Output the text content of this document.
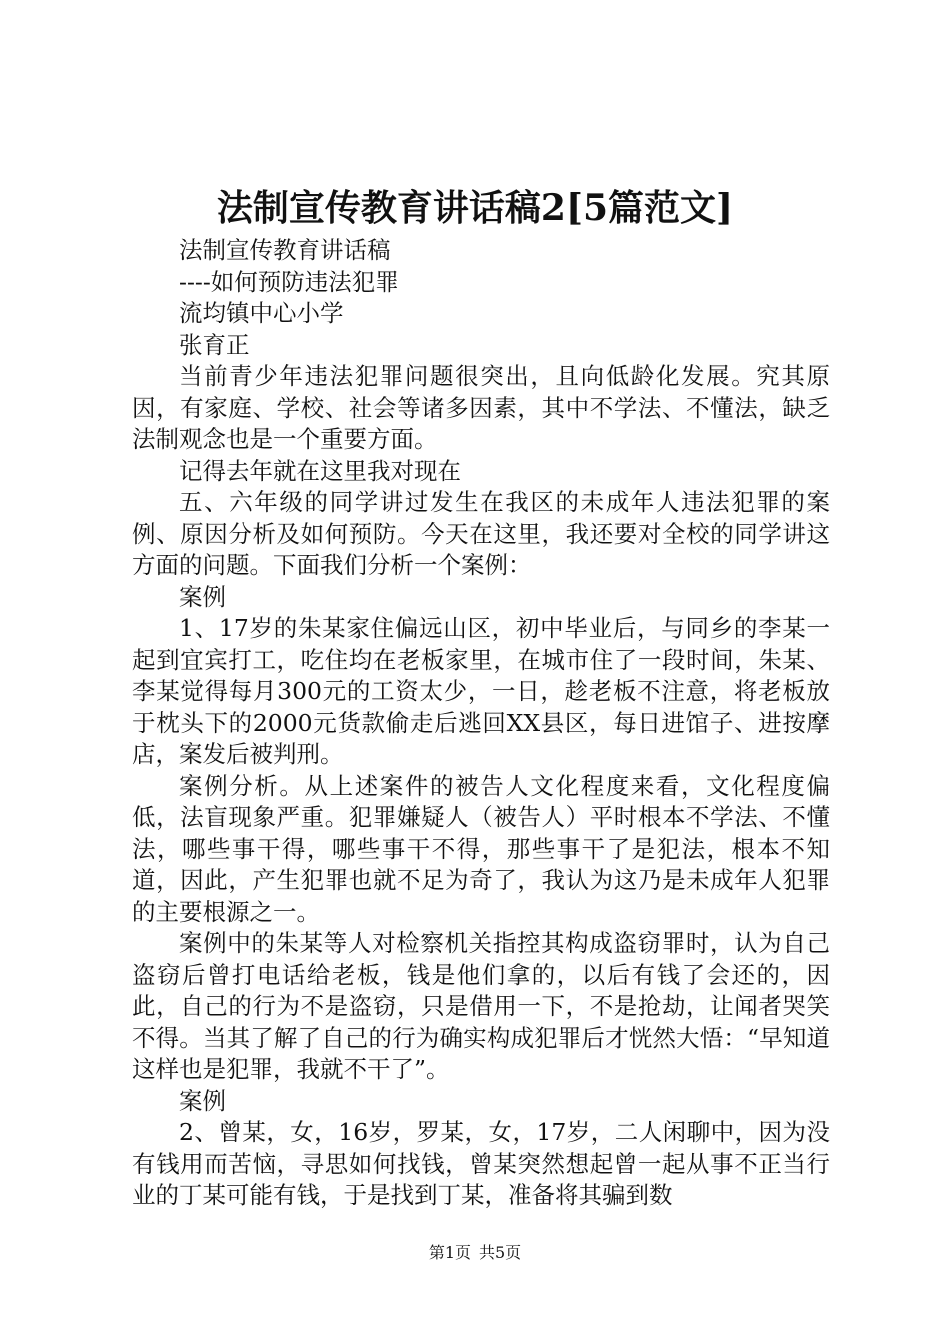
法制宣传教育讲话稿2[5篇范文]

法制宣传教育讲话稿

----如何预防违法犯罪

流均镇中心小学

张育正

当前青少年违法犯罪问题很突出，且向低龄化发展。究其原因，有家庭、学校、社会等诸多因素，其中不学法、不懂法，缺乏法制观念也是一个重要方面。

记得去年就在这里我对现在

五、六年级的同学讲过发生在我区的未成年人违法犯罪的案例、原因分析及如何预防。今天在这里，我还要对全校的同学讲这方面的问题。下面我们分析一个案例：

案例

1、17岁的朱某家住偏远山区，初中毕业后，与同乡的李某一起到宜宾打工，吃住均在老板家里，在城市住了一段时间，朱某、李某觉得每月300元的工资太少，一日，趁老板不注意，将老板放于枕头下的2000元货款偷走后逃回XX县区，每日进馆子、进按摩店，案发后被判刑。

案例分析。从上述案件的被告人文化程度来看，文化程度偏低，法盲现象严重。犯罪嫌疑人（被告人）平时根本不学法、不懂法，哪些事干得，哪些事干不得，那些事干了是犯法，根本不知道，因此，产生犯罪也就不足为奇了，我认为这乃是未成年人犯罪的主要根源之一。

案例中的朱某等人对检察机关指控其构成盗窃罪时，认为自己盗窃后曾打电话给老板，钱是他们拿的，以后有钱了会还的，因此，自己的行为不是盗窃，只是借用一下，不是抢劫，让闻者哭笑不得。当其了解了自己的行为确实构成犯罪后才恍然大悟：“早知道这样也是犯罪，我就不干了”。

案例

2、曾某，女，16岁，罗某，女，17岁，二人闲聊中，因为没有钱用而苦恼，寻思如何找钱，曾某突然想起曾一起从事不正当行业的丁某可能有钱，于是找到丁某，准备将其骗到数

第1页 共5页
